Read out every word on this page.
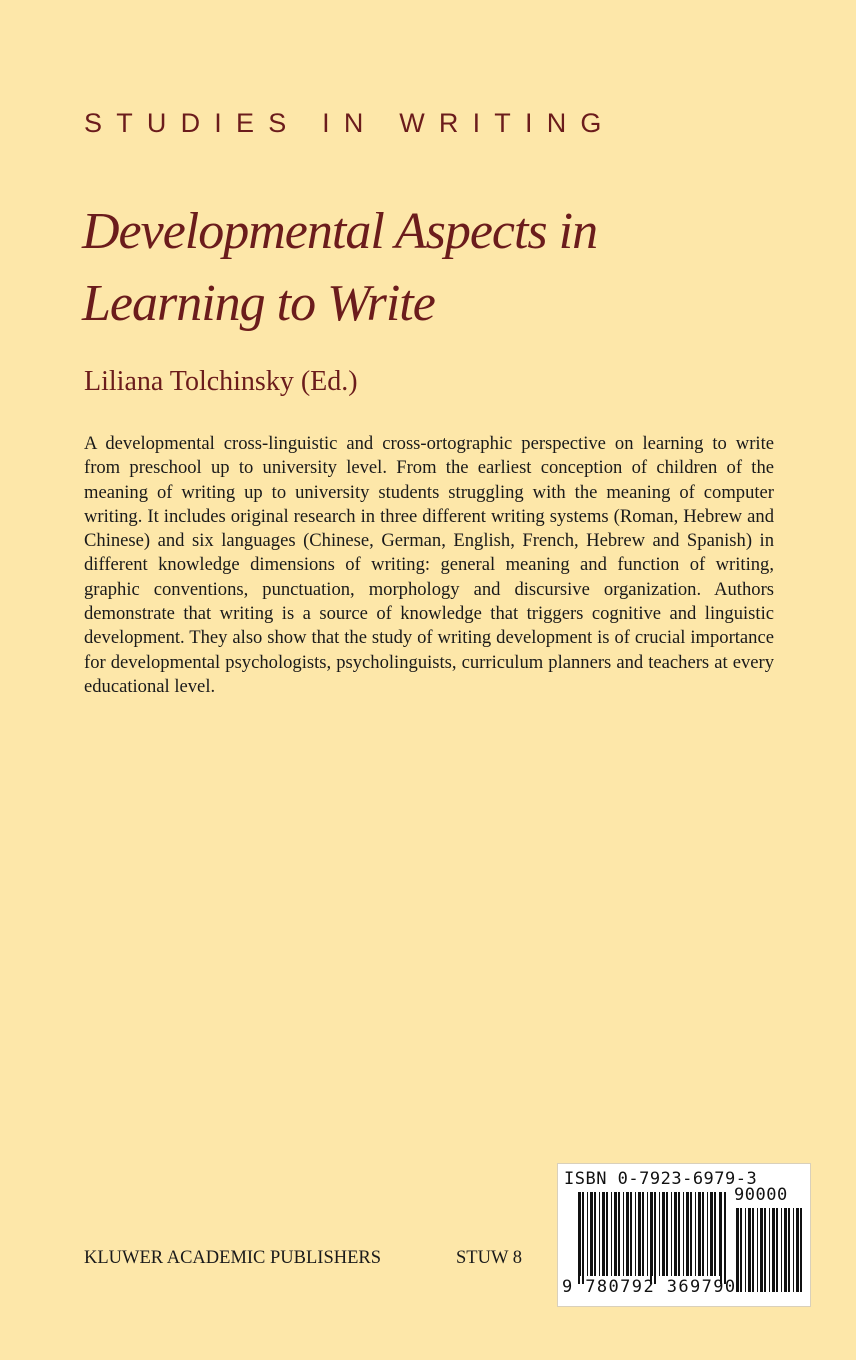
STUDIES IN WRITING
Developmental Aspects in
Learning to Write
Liliana Tolchinsky (Ed.)
A developmental cross-linguistic and cross-ortographic perspective on learning to write from preschool up to university level. From the earliest conception of children of the meaning of writing up to university students struggling with the meaning of computer writing. It includes original research in three different writing systems (Roman, Hebrew and Chinese) and six languages (Chinese, German, English, French, Hebrew and Spanish) in different knowledge dimensions of writing: general meaning and function of writing, graphic conventions, punctuation, morphology and discursive organization. Authors demonstrate that writing is a source of knowledge that triggers cognitive and linguistic development. They also show that the study of writing development is of crucial importance for developmental psychologists, psycholinguists, curriculum planners and teachers at every educational level.
KLUWER ACADEMIC PUBLISHERS	STUW 8
ISBN 0-7923-6979-3
90000
9 780792 369790
